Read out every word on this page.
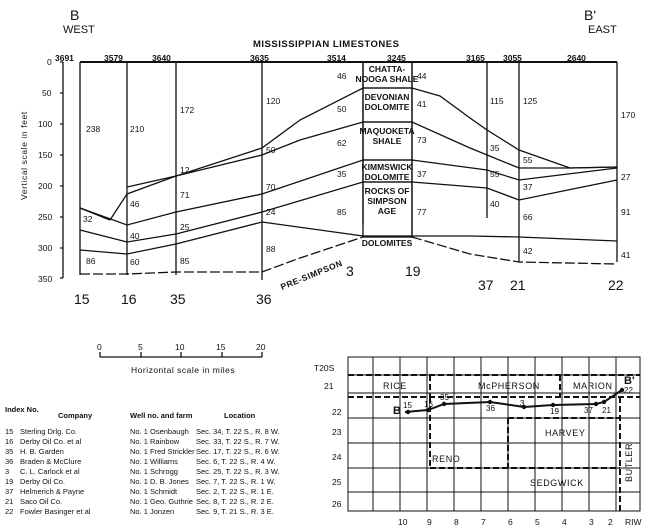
B
WEST
B'
EAST
MISSISSIPPIAN LIMESTONES
3691	3579	3640	3635	3514	3245	3165 3055	2640
0
50
100
150
200
250
300
350
Vertical scale in feet
CHATTA-
NOOGA SHALE
DEVONIAN
DOLOMITE
MAQUOKETA
SHALE
KIMMSWICK
DOLOMITE
ROCKS OF
SIMPSON
AGE
DOLOMITES
PRE-SIMPSON
238
32
86
210
46
40
60
172
12
71
25
85
120
50
70
24
88
46
50
62
35
85
44
41
73
37
77
115
35
55
40
125
55
37
66
42
170
27
91
41
15 16 35	36
3	19
37 21	22
0	5	10	15	20
Horizontal scale in miles
Index No.
Company	Well no. and farm	Location
15 Sterling Drlg. Co.	No. 1 Osenbaugh Sec. 34, T. 22 S., R. 8 W.
16 Derby Oil Co. et al	No. 1 Rainbow Sec. 33, T. 22 S., R. 7 W.
35 H. B. Garden	No. 1 Fred Strickler Sec. 17, T. 22 S., R. 6 W.
36 Braden & McClure	No. 1 Williams Sec. 6, T. 22 S., R. 4 W.
3 C. L. Carlock et al	No. 1 Schrogg Sec. 25, T. 22 S., R. 3 W.
19 Derby Oil Co.	No. 1 D. B. Jones Sec. 7, T. 22 S., R. 1 W.
37 Helmerich & Payne	No. 1 Schmidt	Sec. 2, T. 22 S., R. 1 E.
21 Saco Oil Co.	No. 1 Geo. Guthrie Sec. 8, T. 22 S., R. 2 E.
22 Fowler Basinger et al	No. 1 Jonzen	Sec. 9, T. 21 S., R. 3 E.
T20S
21
22
23
24
25
26
10 9	8	7	6	5	4	3 2 RIW
RICE	McPHERSON	MARION
HARVEY
RENO
SEDGWICK
BUTLER
15 16
35
36
3
19	37 21
22
B
B'
